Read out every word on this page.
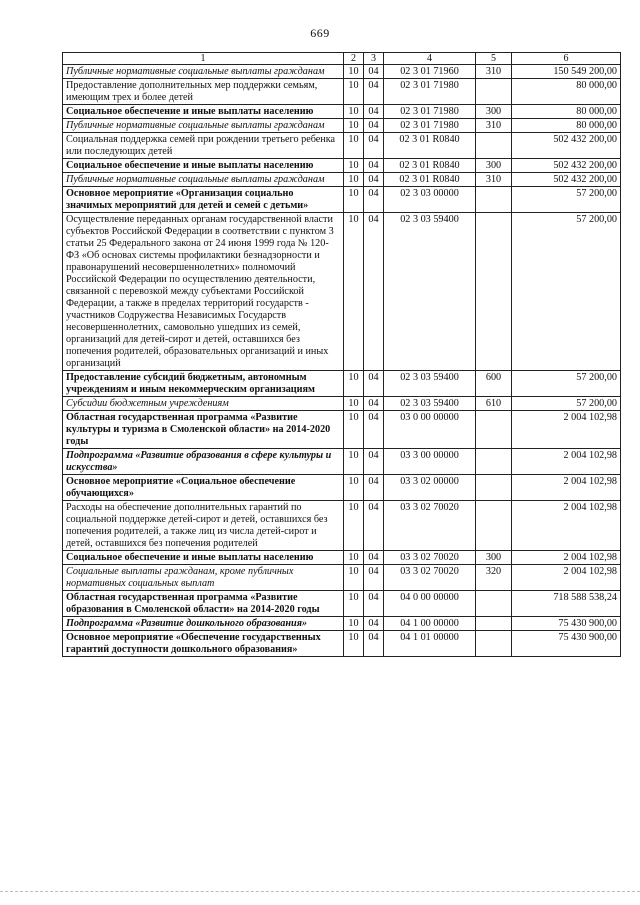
669
1	2	3	4	5	6
Публичные нормативные социальные выплаты гражданам	10	04	02 3 01 71960	310	150 549 200,00
Предоставление дополнительных мер поддержки семьям, имеющим трех и более детей	10	04	02 3 01 71980		80 000,00
Социальное обеспечение и иные выплаты населению	10	04	02 3 01 71980	300	80 000,00
Публичные нормативные социальные выплаты гражданам	10	04	02 3 01 71980	310	80 000,00
Социальная поддержка семей при рождении третьего ребенка или последующих детей	10	04	02 3 01 R0840		502 432 200,00
Социальное обеспечение и иные выплаты населению	10	04	02 3 01 R0840	300	502 432 200,00
Публичные нормативные социальные выплаты гражданам	10	04	02 3 01 R0840	310	502 432 200,00
Основное мероприятие «Организация социально значимых мероприятий для детей и семей с детьми»	10	04	02 3 03 00000		57 200,00
Осуществление переданных органам государственной власти субъектов Российской Федерации в соответствии с пунктом 3 статьи 25 Федерального закона от 24 июня 1999 года № 120-ФЗ «Об основах системы профилактики безнадзорности и правонарушений несовершеннолетних» полномочий Российской Федерации по осуществлению деятельности, связанной с перевозкой между субъектами Российской Федерации, а также в пределах территорий государств - участников Содружества Независимых Государств несовершеннолетних, самовольно ушедших из семей, организаций для детей-сирот и детей, оставшихся без попечения родителей, образовательных организаций и иных организаций	10	04	02 3 03 59400		57 200,00
Предоставление субсидий бюджетным, автономным учреждениям и иным некоммерческим организациям	10	04	02 3 03 59400	600	57 200,00
Субсидии бюджетным учреждениям	10	04	02 3 03 59400	610	57 200,00
Областная государственная программа «Развитие культуры и туризма в Смоленской области» на 2014-2020 годы	10	04	03 0 00 00000		2 004 102,98
Подпрограмма «Развитие образования в сфере культуры и искусства»	10	04	03 3 00 00000		2 004 102,98
Основное мероприятие «Социальное обеспечение обучающихся»	10	04	03 3 02 00000		2 004 102,98
Расходы на обеспечение дополнительных гарантий по социальной поддержке детей-сирот и детей, оставшихся без попечения родителей, а также лиц из числа детей-сирот и детей, оставшихся без попечения родителей	10	04	03 3 02 70020		2 004 102,98
Социальное обеспечение и иные выплаты населению	10	04	03 3 02 70020	300	2 004 102,98
Социальные выплаты гражданам, кроме публичных нормативных социальных выплат	10	04	03 3 02 70020	320	2 004 102,98
Областная государственная программа «Развитие образования в Смоленской области» на 2014-2020 годы	10	04	04 0 00 00000		718 588 538,24
Подпрограмма «Развитие дошкольного образования»	10	04	04 1 00 00000		75 430 900,00
Основное мероприятие «Обеспечение государственных гарантий доступности дошкольного образования»	10	04	04 1 01 00000		75 430 900,00
